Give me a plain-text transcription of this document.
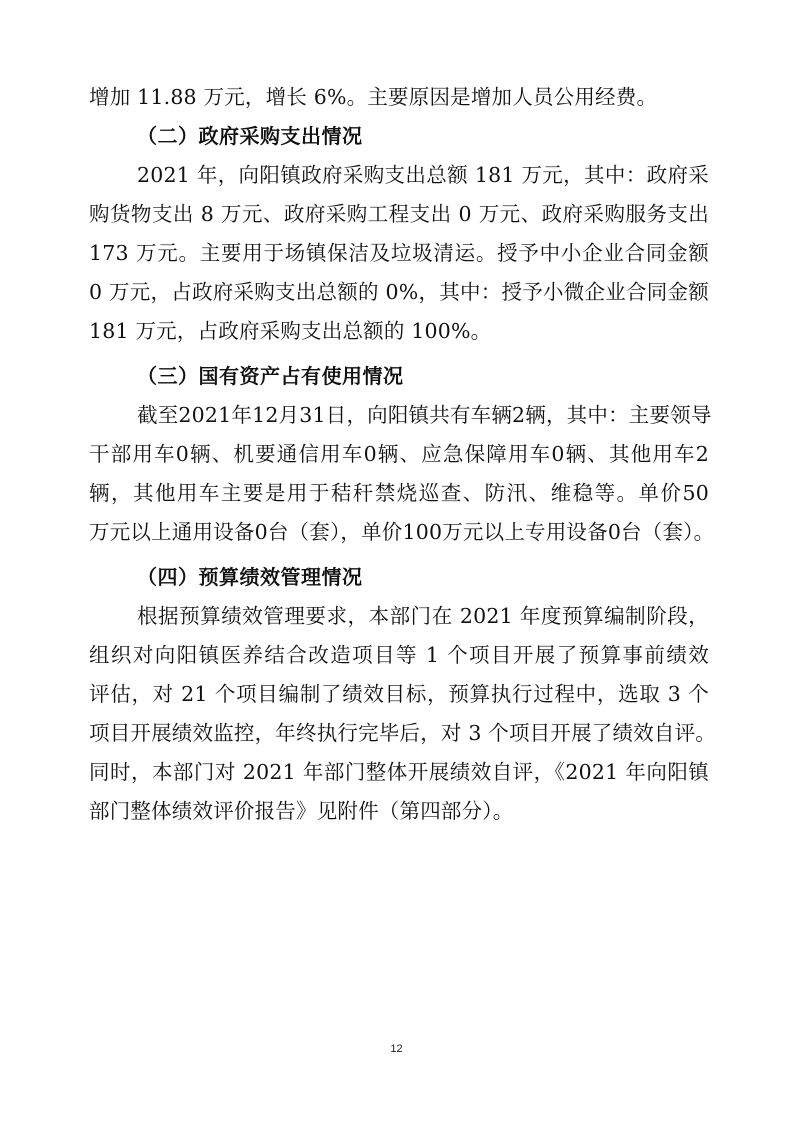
增加 11.88 万元，增长 6%。主要原因是增加人员公用经费。
（二）政府采购支出情况
2021 年，向阳镇政府采购支出总额 181 万元，其中：政府采
购货物支出 8 万元、政府采购工程支出 0 万元、政府采购服务支出
173 万元。主要用于场镇保洁及垃圾清运。授予中小企业合同金额
0 万元，占政府采购支出总额的 0%，其中：授予小微企业合同金额
181 万元，占政府采购支出总额的 100%。
（三）国有资产占有使用情况
截至2021年12月31日，向阳镇共有车辆2辆，其中：主要领导
干部用车0辆、机要通信用车0辆、应急保障用车0辆、其他用车2
辆，其他用车主要是用于秸秆禁烧巡查、防汛、维稳等。单价50
万元以上通用设备0台（套），单价100万元以上专用设备0台（套）。
（四）预算绩效管理情况
根据预算绩效管理要求，本部门在 2021 年度预算编制阶段，
组织对向阳镇医养结合改造项目等 1 个项目开展了预算事前绩效
评估，对 21 个项目编制了绩效目标，预算执行过程中，选取 3 个
项目开展绩效监控，年终执行完毕后，对 3 个项目开展了绩效自评。
同时，本部门对 2021 年部门整体开展绩效自评，《2021 年向阳镇
部门整体绩效评价报告》见附件（第四部分）。
12
